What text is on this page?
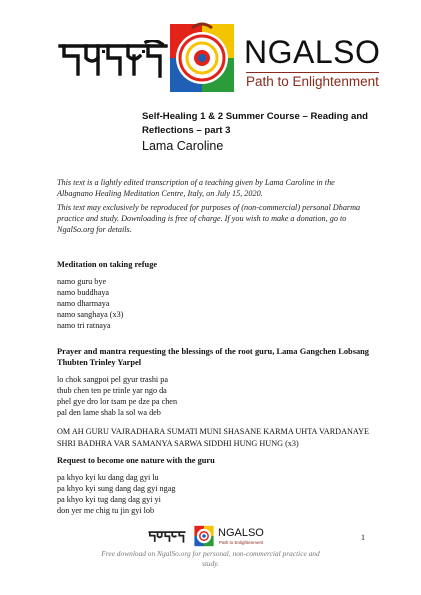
NGALSO
Path to Enlightenment

Self-Healing 1 & 2 Summer Course – Reading and Reflections – part 3

Lama Caroline

This text is a lightly edited transcription of a teaching given by Lama Caroline in the Albagnano Healing Meditation Centre, Italy, on July 15, 2020.

This text may exclusively be reproduced for purposes of (non-commercial) personal Dharma practice and study. Downloading is free of charge. If you wish to make a donation, go to NgalSo.org for details.

Meditation on taking refuge
namo guru bye
namo buddhaya
namo dharmaya
namo sanghaya (x3)
namo tri ratnaya
Prayer and mantra requesting the blessings of the root guru, Lama Gangchen Lobsang Thubten Trinley Yarpel
lo chok sangpoi pel gyur trashi pa
thub chen ten pe trinle yar ngo da
phel gye dro lor tsam pe dze pa chen
pal den lame shab la sol wa deb
OM AH GURU VAJRADHARA SUMATI MUNI SHASANE KARMA UHTA VARDANAYE SHRI BADHRA VAR SAMANYA SARWA SIDDHI HUNG HUNG (x3)
Request to become one nature with the guru
pa khyo kyi ku dang dag gyi lu
pa khyo kyi sung dang dag gyi ngag
pa khyo kyi tug dang dag gyi yi
don yer me chig tu jin gyi lob
NGALSO
Path to Enlightenment
Free download on NgalSo.org for personal, non-commercial practice and study.
1
